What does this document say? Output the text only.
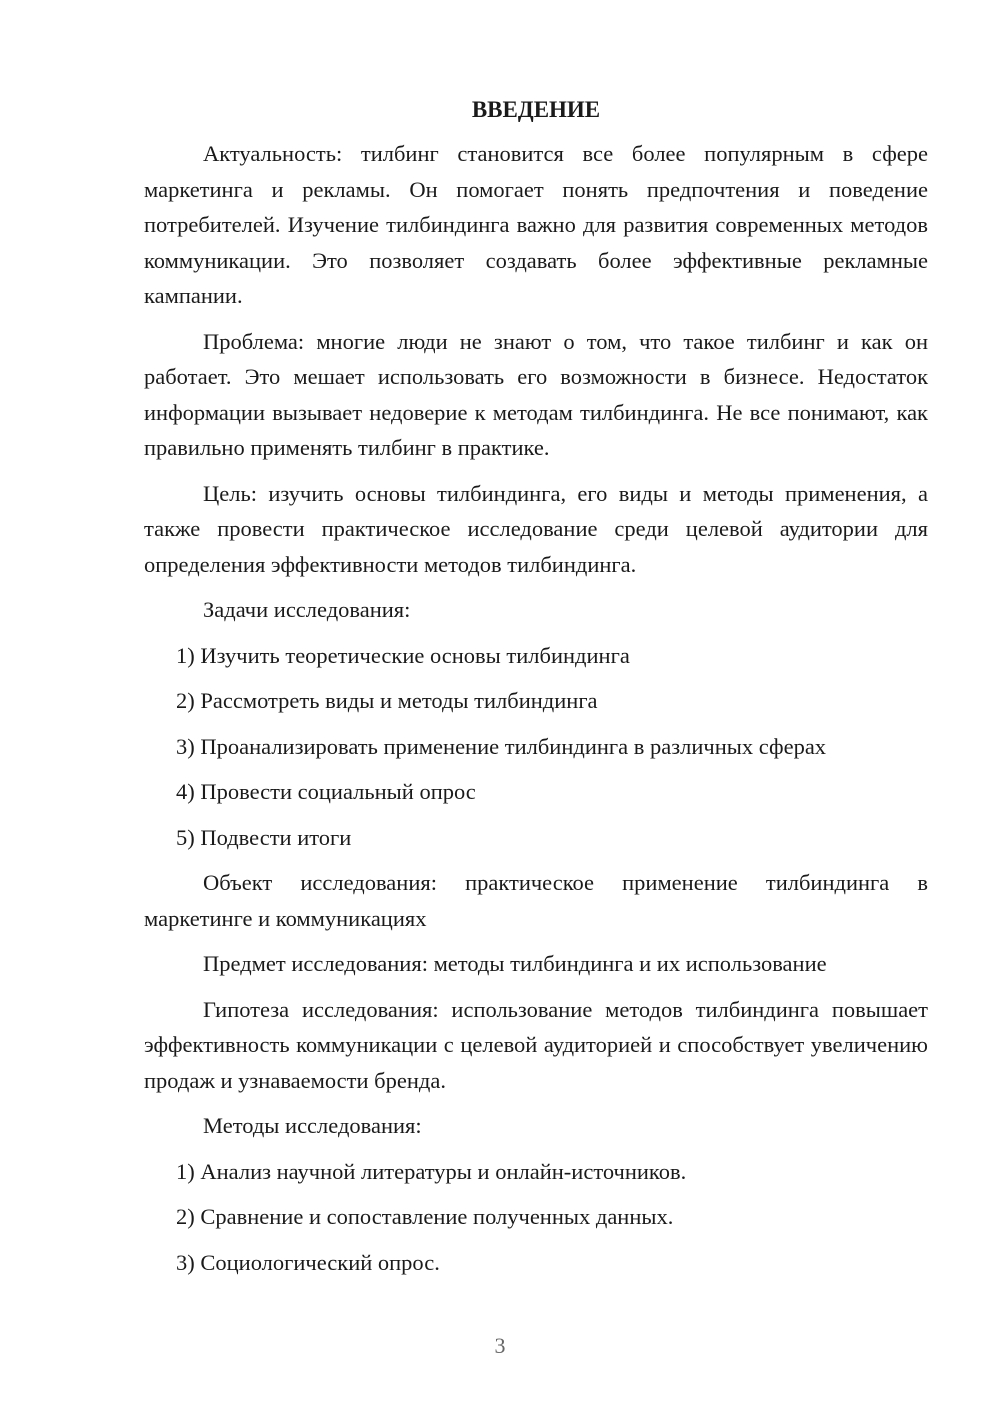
ВВЕДЕНИЕ

Актуальность: тилбинг становится все более популярным в сфере маркетинга и рекламы. Он помогает понять предпочтения и поведение потребителей. Изучение тилбиндинга важно для развития современных методов коммуникации. Это позволяет создавать более эффективные рекламные кампании.

Проблема: многие люди не знают о том, что такое тилбинг и как он работает. Это мешает использовать его возможности в бизнесе. Недостаток информации вызывает недоверие к методам тилбиндинга. Не все понимают, как правильно применять тилбинг в практике.

Цель: изучить основы тилбиндинга, его виды и методы применения, а также провести практическое исследование среди целевой аудитории для определения эффективности методов тилбиндинга.

Задачи исследования:
1) Изучить теоретические основы тилбиндинга
2) Рассмотреть виды и методы тилбиндинга
3) Проанализировать применение тилбиндинга в различных сферах
4) Провести социальный опрос
5) Подвести итоги

Объект исследования: практическое применение тилбиндинга в маркетинге и коммуникациях

Предмет исследования: методы тилбиндинга и их использование

Гипотеза исследования: использование методов тилбиндинга повышает эффективность коммуникации с целевой аудиторией и способствует увеличению продаж и узнаваемости бренда.

Методы исследования:
1) Анализ научной литературы и онлайн-источников.
2) Сравнение и сопоставление полученных данных.
3) Социологический опрос.
3
